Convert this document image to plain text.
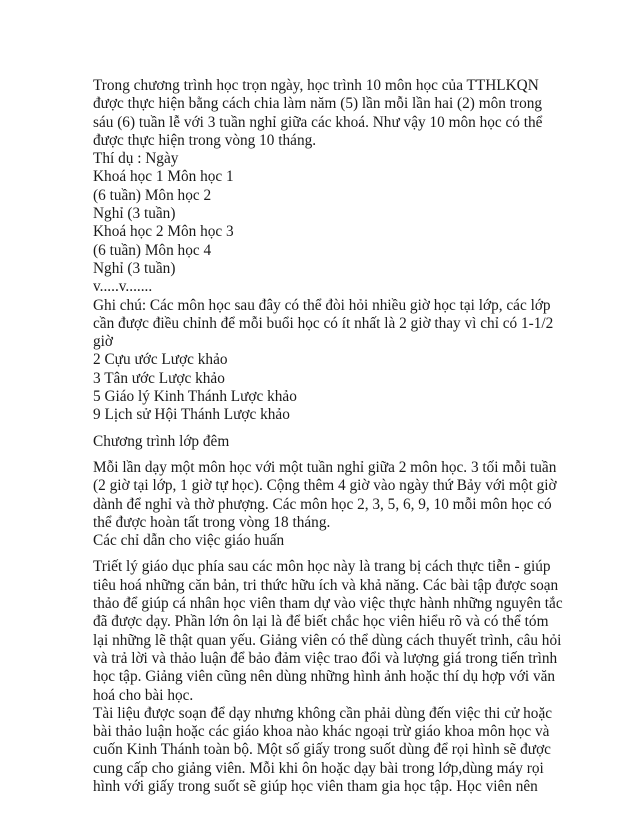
Trong chương trình học trọn ngày, học trình 10 môn học của TTHLKQN
được thực hiện bằng cách chia làm năm (5) lần mỗi lần hai (2) môn trong
sáu (6) tuần lễ với 3 tuần nghỉ giữa các khoá. Như vậy 10 môn học có thể
được thực hiện trong vòng 10 tháng.
Thí dụ : Ngày
Khoá học 1 Môn học 1
(6 tuần) Môn học 2
Nghỉ (3 tuần)
Khoá học 2 Môn học 3
(6 tuần) Môn học 4
Nghỉ (3 tuần)
v.....v.......
Ghi chú: Các môn học sau đây có thể đòi hỏi nhiều giờ học tại lớp, các lớp
cần được điều chỉnh để mỗi buổi học có ít nhất là 2 giờ thay vì chỉ có 1-1/2
giờ
2 Cựu ước Lược khảo
3 Tân ước Lược khảo
5 Giáo lý Kinh Thánh Lược khảo
9 Lịch sử Hội Thánh Lược khảo
Chương trình lớp đêm
Mỗi lần dạy một môn học với một tuần nghỉ giữa 2 môn học. 3 tối mỗi tuần
(2 giờ tại lớp, 1 giờ tự học). Cộng thêm 4 giờ vào ngày thứ Bảy với một giờ
dành để nghỉ và thờ phượng. Các môn học 2, 3, 5, 6, 9, 10 mỗi môn học có
thể được hoàn tất trong vòng 18 tháng.
Các chỉ dẫn cho việc giáo huấn
Triết lý giáo dục phía sau các môn học này là trang bị cách thực tiễn - giúp
tiêu hoá những căn bản, tri thức hữu ích và khả năng. Các bài tập được soạn
thảo để giúp cá nhân học viên tham dự vào việc thực hành những nguyên tắc
đã được dạy. Phần lớn ôn lại là để biết chắc học viên hiểu rõ và có thể tóm
lại những lẽ thật quan yếu. Giảng viên có thể dùng cách thuyết trình, câu hỏi
và trả lời và thảo luận để bảo đảm việc trao đổi và lượng giá trong tiến trình
học tập. Giảng viên cũng nên dùng những hình ảnh hoặc thí dụ hợp với văn
hoá cho bài học.
Tài liệu được soạn để dạy nhưng không cần phải dùng đến việc thi cử hoặc
bài thảo luận hoặc các giáo khoa nào khác ngoại trừ giáo khoa môn học và
cuốn Kinh Thánh toàn bộ. Một số giấy trong suốt dùng để rọi hình sẽ được
cung cấp cho giảng viên. Mỗi khi ôn hoặc dạy bài trong lớp,dùng máy rọi
hình với giấy trong suốt sẽ giúp học viên tham gia học tập. Học viên nên
